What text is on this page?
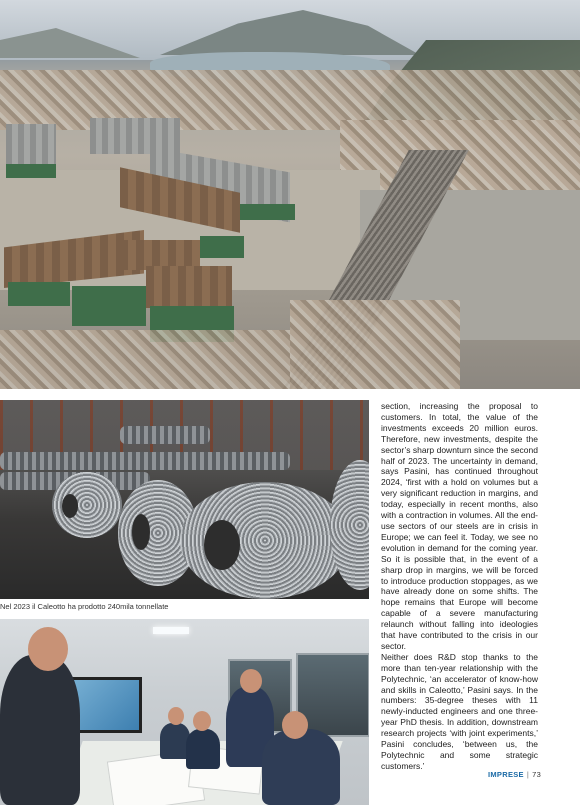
Nel 2023 il Caleotto ha prodotto 240mila tonnellate

section, increasing the proposal to customers. In total, the value of the investments exceeds 20 million euros. Therefore, new investments, despite the sector’s sharp downturn since the second half of 2023. The uncertainty in demand, says Pasini, has continued throughout 2024, ‘first with a hold on volumes but a very significant reduction in margins, and today, especially in recent months, also with a contraction in volumes. All the end-use sectors of our steels are in crisis in Europe; we can feel it. Today, we see no evolution in demand for the coming year. So it is possible that, in the event of a sharp drop in margins, we will be forced to introduce production stoppages, as we have already done on some shifts. The hope remains that Europe will become capable of a severe manufacturing relaunch without falling into ideologies that have contributed to the crisis in our sector.

Neither does R&D stop thanks to the more than ten-year relationship with the Polytechnic, ‘an accelerator of know-how and skills in Caleotto,’ Pasini says. In the numbers: 35-degree theses with 11 newly-inducted engineers and one three-year PhD thesis. In addition, downstream research projects ‘with joint experiments,’ Pasini concludes, ‘between us, the Polytechnic and some strategic customers.’

IMPRESE | 73
